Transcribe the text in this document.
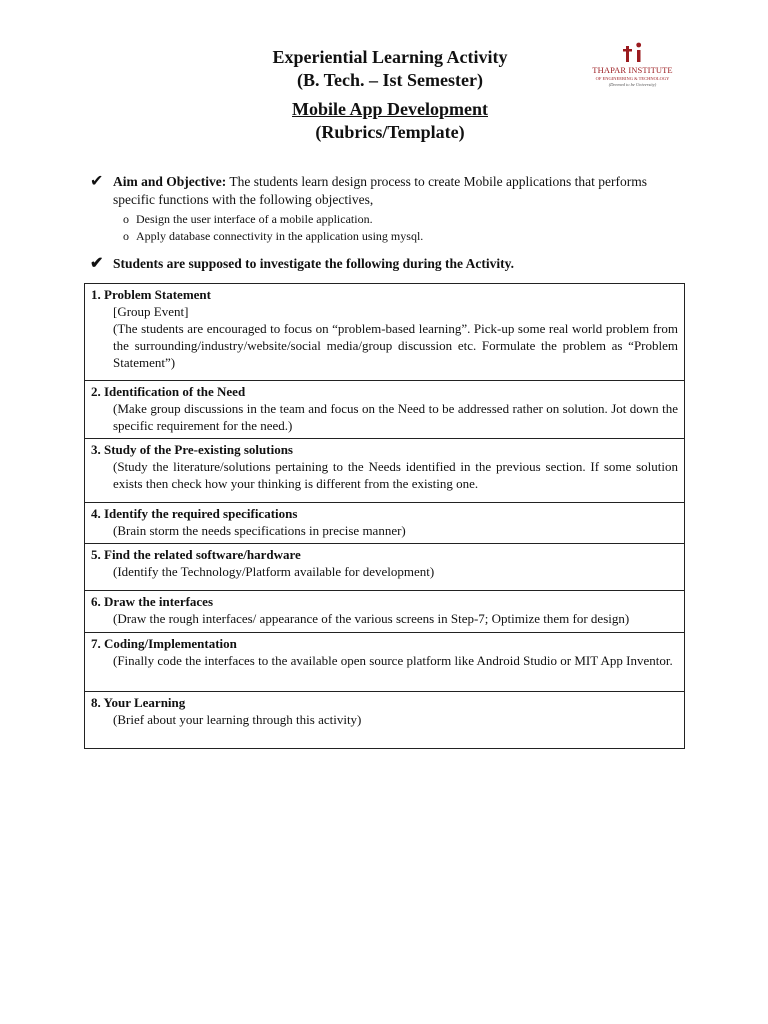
Experiential Learning Activity
(B. Tech. – Ist Semester)
Mobile App Development
(Rubrics/Template)
THAPAR INSTITUTE
OF ENGINEERING & TECHNOLOGY
(Deemed to be University)
✔ Aim and Objective: The students learn design process to create Mobile applications that performs specific functions with the following objectives,
o Design the user interface of a mobile application.
o Apply database connectivity in the application using mysql.
✔ Students are supposed to investigate the following during the Activity.
1. Problem Statement
[Group Event]
(The students are encouraged to focus on “problem-based learning”. Pick-up some real world problem from the surrounding/industry/website/social media/group discussion etc. Formulate the problem as “Problem Statement”)
2. Identification of the Need
(Make group discussions in the team and focus on the Need to be addressed rather on solution. Jot down the specific requirement for the need.)
3. Study of the Pre-existing solutions
(Study the literature/solutions pertaining to the Needs identified in the previous section. If some solution exists then check how your thinking is different from the existing one.
4. Identify the required specifications
(Brain storm the needs specifications in precise manner)
5. Find the related software/hardware
(Identify the Technology/Platform available for development)
6. Draw the interfaces
(Draw the rough interfaces/ appearance of the various screens in Step-7; Optimize them for design)
7. Coding/Implementation
(Finally code the interfaces to the available open source platform like Android Studio or MIT App Inventor.
8. Your Learning
(Brief about your learning through this activity)
